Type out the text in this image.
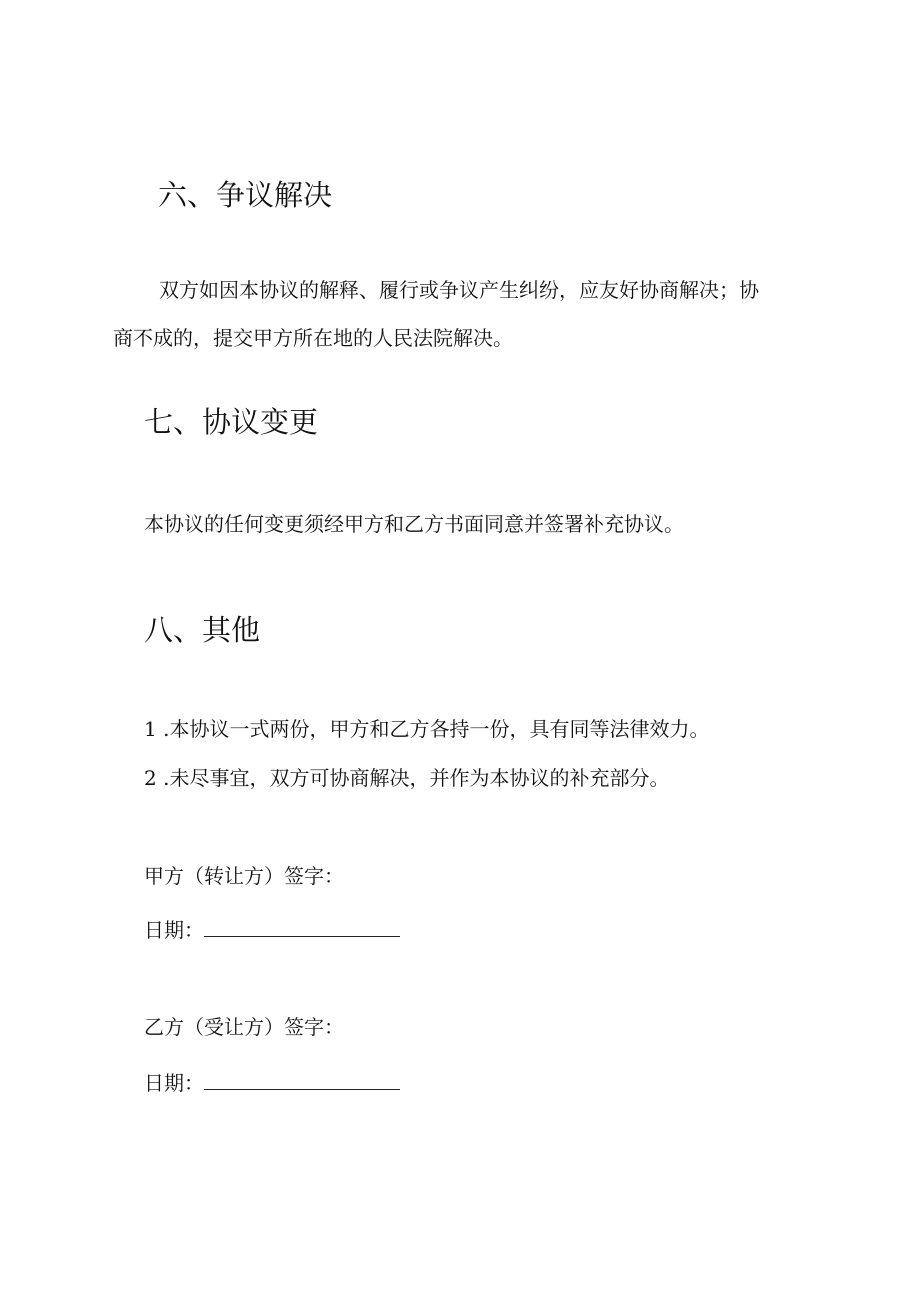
六、争议解决

双方如因本协议的解释、履行或争议产生纠纷，应友好协商解决；协

商不成的，提交甲方所在地的人民法院解决。

七、协议变更

本协议的任何变更须经甲方和乙方书面同意并签署补充协议。

八、其他

1 .本协议一式两份，甲方和乙方各持一份，具有同等法律效力。

2 .未尽事宜，双方可协商解决，并作为本协议的补充部分。

甲方（转让方）签字：
日期：
乙方（受让方）签字：
日期：
